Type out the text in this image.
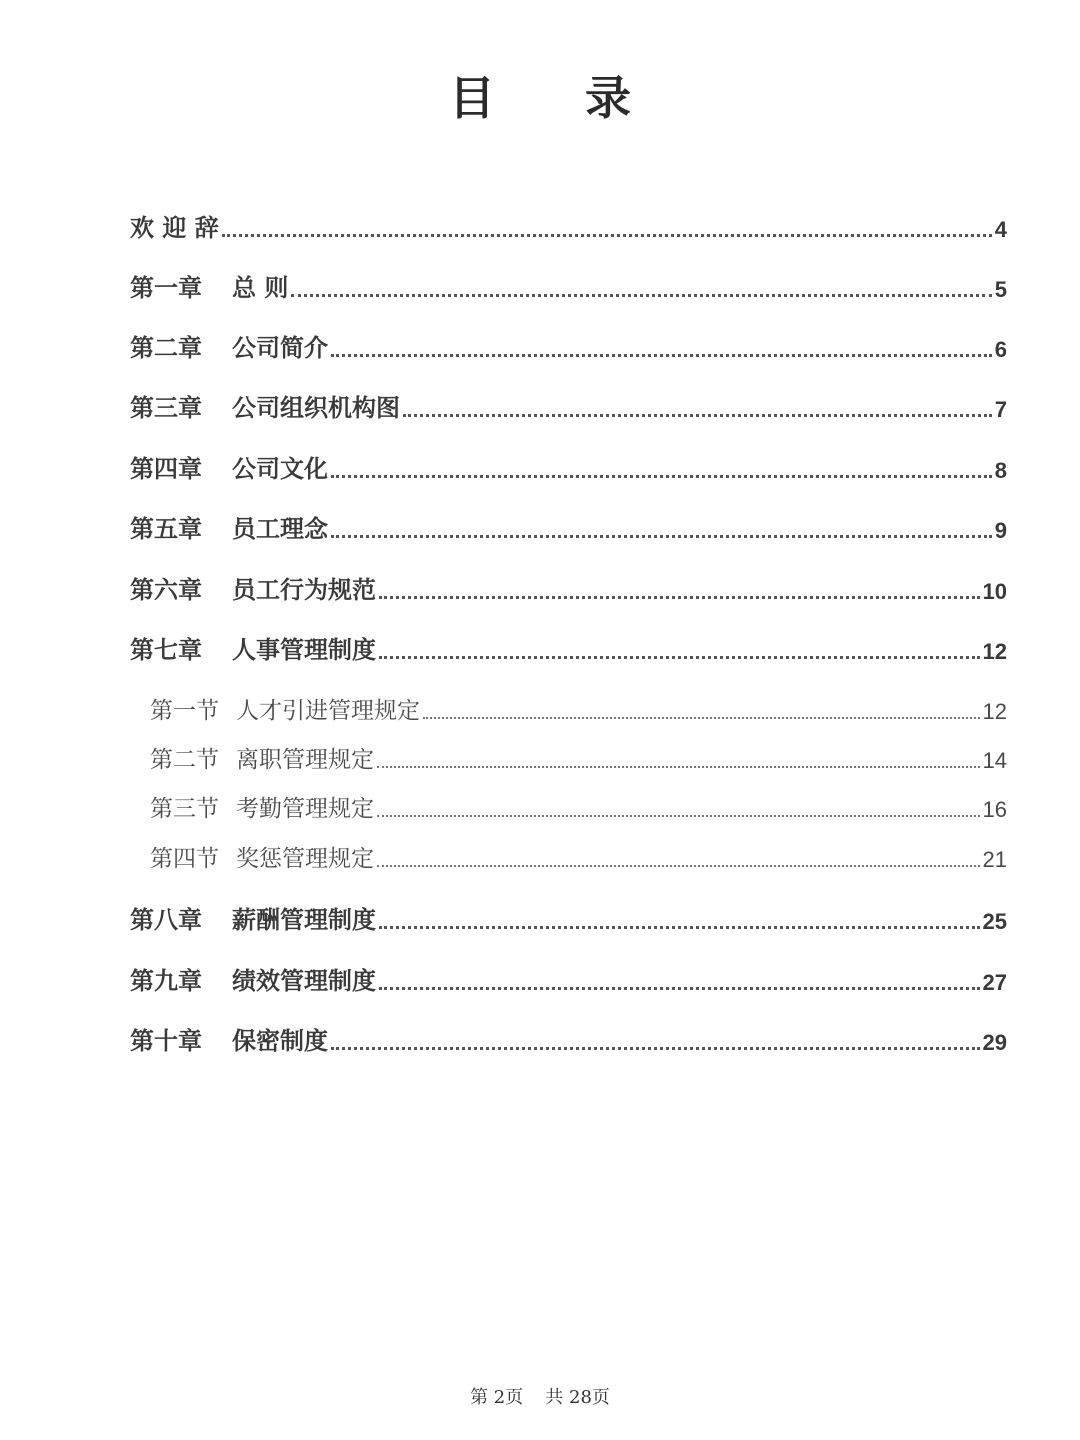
目 录
欢 迎 辞	4
第一章 总 则	5
第二章 公司简介	6
第三章 公司组织机构图	7
第四章 公司文化	8
第五章 员工理念	9
第六章 员工行为规范	10
第七章 人事管理制度	12
第一节 人才引进管理规定	12
第二节 离职管理规定	14
第三节 考勤管理规定	16
第四节 奖惩管理规定	21
第八章 薪酬管理制度	25
第九章 绩效管理制度	27
第十章 保密制度	29
第 2页 共 28页
